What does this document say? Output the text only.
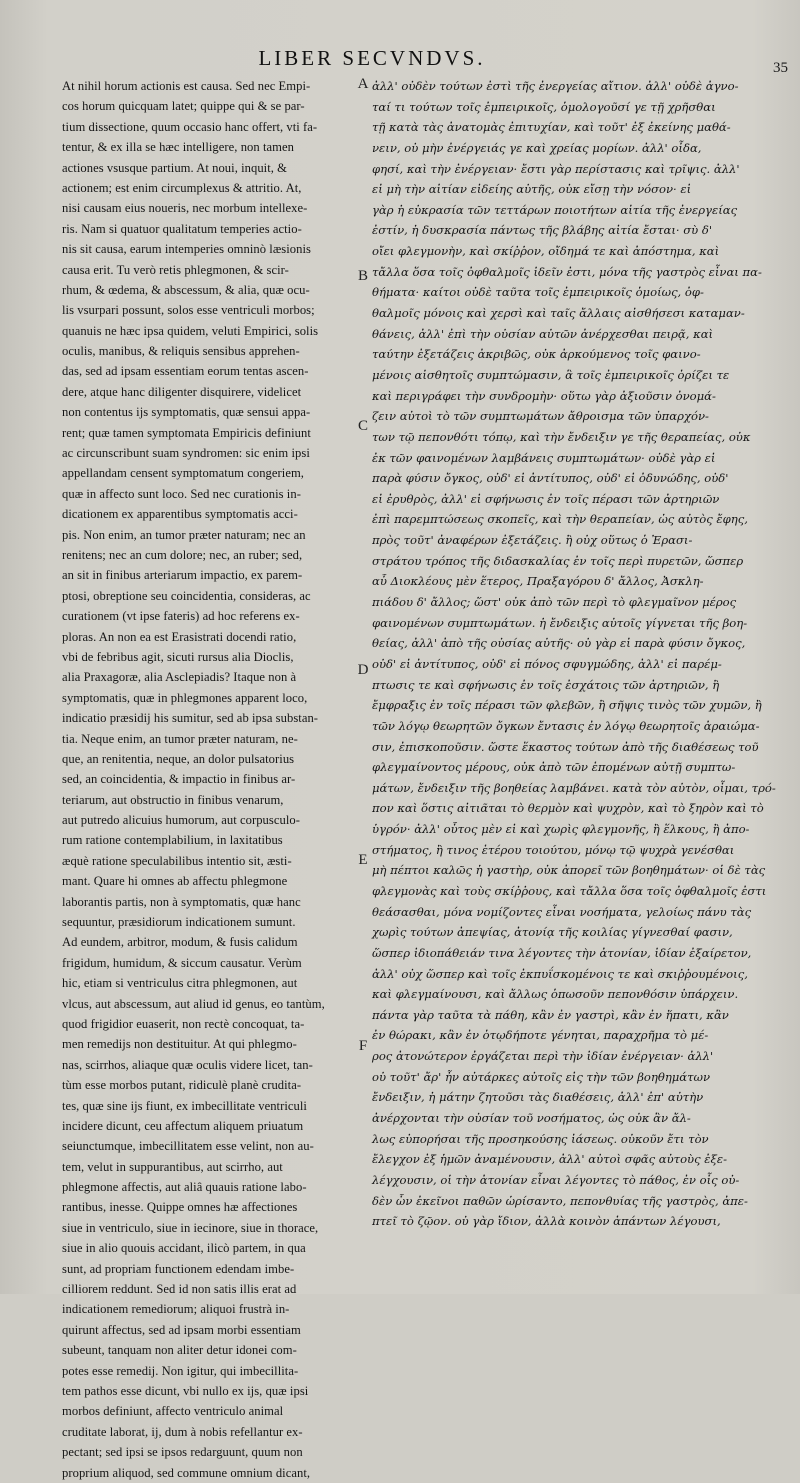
LIBER SECVNDVS.	35
At nihil horum actionis est causa. Sed nec Empi-
cos horum quicquam latet; quippe qui & se par-
tium dissectione, quum occasio hanc offert, vti fa-
tentur, & ex illa se hæc intelligere, non tamen
actiones vsusque partium. At noui, inquit, &
actionem; est enim circumplexus & attritio. At,
nisi causam eius noueris, nec morbum intellexe-
ris. Nam si quatuor qualitatum temperies actio-
nis sit causa, earum intemperies omninò læsionis
causa erit. Tu verò retis phlegmonen, & scir-
rhum, & œdema, & abscessum, & alia, quæ ocu-
lis vsurpari possunt, solos esse ventriculi morbos;
quanuis ne hæc ipsa quidem, veluti Empirici, solis
oculis, manibus, & reliquis sensibus apprehen-
das, sed ad ipsam essentiam eorum tentas ascen-
dere, atque hanc diligenter disquirere, videlicet
non contentus ijs symptomatis, quæ sensui appa-
rent; quæ tamen symptomata Empiricis definiunt
ac circunscribunt suam syndromen: sic enim ipsi
appellandam censent symptomatum congeriem,
quæ in affecto sunt loco. Sed nec curationis in-
dicationem ex apparentibus symptomatis acci-
pis. Non enim, an tumor præter naturam; nec an
renitens; nec an cum dolore; nec, an ruber; sed,
an sit in finibus arteriarum impactio, ex parem-
ptosi, obreptione seu coincidentia, consideras, ac
curationem (vt ipse fateris) ad hoc referens ex-
ploras. An non ea est Erasistrati docendi ratio,
vbi de febribus agit, sicuti rursus alia Dioclis,
alia Praxagoræ, alia Asclepiadis? Itaque non à
symptomatis, quæ in phlegmones apparent loco,
indicatio præsidij his sumitur, sed ab ipsa substan-
tia. Neque enim, an tumor præter naturam, ne-
que, an renitentia, neque, an dolor pulsatorius
sed, an coincidentia, & impactio in finibus ar-
teriarum, aut obstructio in finibus venarum,
aut putredo alicuius humorum, aut corpusculo-
rum ratione contemplabilium, in laxitatibus
æquè ratione speculabilibus intentio sit, æsti-
mant. Quare hi omnes ab affectu phlegmone
laborantis partis, non à symptomatis, quæ hanc
sequuntur, præsidiorum indicationem sumunt.
Ad eundem, arbitror, modum, & fusis calidum
frigidum, humidum, & siccum causatur. Verùm
hic, etiam si ventriculus citra phlegmonen, aut
vlcus, aut abscessum, aut aliud id genus, eo tantùm,
quod frigidior euaserit, non rectè concoquat, ta-
men remedijs non destituitur. At qui phlegmo-
nas, scirrhos, aliaque quæ oculis videre licet, tan-
tùm esse morbos putant, ridiculè planè crudita-
tes, quæ sine ijs fiunt, ex imbecillitate ventriculi
incidere dicunt, ceu affectum aliquem priuatum
seiunctumque, imbecillitatem esse velint, non au-
tem, velut in suppurantibus, aut scirrho, aut
phlegmone affectis, aut aliâ quauis ratione labo-
rantibus, inesse. Quippe omnes hæ affectiones
siue in ventriculo, siue in iecinore, siue in thorace,
siue in alio quouis accidant, ilicò partem, in qua
sunt, ad propriam functionem edendam imbe-
cilliorem reddunt. Sed id non satis illis erat ad
indicationem remediorum; aliquoi frustrà in-
quirunt affectus, sed ad ipsam morbi essentiam
subeunt, tanquam non aliter detur idonei com-
potes esse remedij. Non igitur, qui imbecillita-
tem pathos esse dicunt, vbi nullo ex ijs, quæ ipsi
morbos definiunt, affecto ventriculo animal
cruditate laborat, ij, dum à nobis refellantur ex-
pectant; sed ipsi se ipsos redarguunt, quum non
proprium aliquod, sed commune omnium dicant,
A
B
C
D
E
F
ἀλλ' οὐδὲν τούτων ἐστὶ τῆς ἐνεργείας αἴτιον. ἀλλ' οὐδὲ ἀγνο-
ταί τι τούτων τοῖς ἐμπειρικοῖς, ὁμολογοῦσί γε τῇ χρῆσθαι
τῇ κατὰ τὰς ἀνατομὰς ἐπιτυχίαν, καὶ τοῦτ' ἐξ ἐκείνης μαθά-
νειν, οὐ μὴν ἐνέργειάς γε καὶ χρείας μορίων. ἀλλ' οἶδα,
φησί, καὶ τὴν ἐνέργειαν· ἔστι γὰρ περίστασις καὶ τρῖψις. ἀλλ'
εἰ μὴ τὴν αἰτίαν εἰδείης αὐτῆς, οὐκ εἴσῃ τὴν νόσον· εἰ
γὰρ ἡ εὐκρασία τῶν τεττάρων ποιοτήτων αἰτία τῆς ἐνεργείας
ἐστίν, ἡ δυσκρασία πάντως τῆς βλάβης αἰτία ἔσται· σὺ δ'
οἴει φλεγμονὴν, καὶ σκίῤῥον, οἴδημά τε καὶ ἀπόστημα, καὶ
τἄλλα ὅσα τοῖς ὀφθαλμοῖς ἰδεῖν ἐστι, μόνα τῆς γαστρὸς εἶναι πα-
θήματα· καίτοι οὐδὲ ταῦτα τοῖς ἐμπειρικοῖς ὁμοίως, ὀφ-
θαλμοῖς μόνοις καὶ χερσὶ καὶ ταῖς ἄλλαις αἰσθήσεσι καταμαν-
θάνεις, ἀλλ' ἐπὶ τὴν οὐσίαν αὐτῶν ἀνέρχεσθαι πειρᾷ, καὶ
ταύτην ἐξετάζεις ἀκριβῶς, οὐκ ἀρκούμενος τοῖς φαινο-
μένοις αἰσθητοῖς συμπτώμασιν, ἃ τοῖς ἐμπειρικοῖς ὁρίζει τε
καὶ περιγράφει τὴν συνδρομὴν· οὕτω γὰρ ἀξιοῦσιν ὀνομά-
ζειν αὐτοὶ τὸ τῶν συμπτωμάτων ἄθροισμα τῶν ὑπαρχόν-
των τῷ πεπονθότι τόπῳ, καὶ τὴν ἔνδειξιν γε τῆς θεραπείας, οὐκ
ἐκ τῶν φαινομένων λαμβάνεις συμπτωμάτων· οὐδὲ γὰρ εἰ
παρὰ φύσιν ὄγκος, οὐδ' εἰ ἀντίτυπος, οὐδ' εἰ ὀδυνώδης, οὐδ'
εἰ ἐρυθρὸς, ἀλλ' εἰ σφήνωσις ἐν τοῖς πέρασι τῶν ἀρτηριῶν
ἐπὶ παρεμπτώσεως σκοπεῖς, καὶ τὴν θεραπείαν, ὡς αὐτὸς ἔφης,
πρὸς τοῦτ' ἀναφέρων ἐξετάζεις. ἢ οὐχ οὕτως ὁ Ἐρασι-
στράτου τρόπος τῆς διδασκαλίας ἐν τοῖς περὶ πυρετῶν, ὥσπερ
αὖ Διοκλέους μὲν ἕτερος, Πραξαγόρου δ' ἄλλος, Ἀσκλη-
πιάδου δ' ἄλλος; ὥστ' οὐκ ἀπὸ τῶν περὶ τὸ φλεγμαῖνον μέρος
φαινομένων συμπτωμάτων. ἡ ἔνδειξις αὐτοῖς γίγνεται τῆς βοη-
θείας, ἀλλ' ἀπὸ τῆς οὐσίας αὐτῆς· οὐ γὰρ εἰ παρὰ φύσιν ὄγκος,
οὐδ' εἰ ἀντίτυπος, οὐδ' εἰ πόνος σφυγμώδης, ἀλλ' εἰ παρέμ-
πτωσις τε καὶ σφήνωσις ἐν τοῖς ἐσχάτοις τῶν ἀρτηριῶν, ἢ
ἔμφραξις ἐν τοῖς πέρασι τῶν φλεβῶν, ἢ σῆψις τινὸς τῶν χυμῶν, ἢ
τῶν λόγῳ θεωρητῶν ὄγκων ἔντασις ἐν λόγῳ θεωρητοῖς ἀραιώμα-
σιν, ἐπισκοποῦσιν. ὥστε ἕκαστος τούτων ἀπὸ τῆς διαθέσεως τοῦ
φλεγμαίνοντος μέρους, οὐκ ἀπὸ τῶν ἑπομένων αὐτῇ συμπτω-
μάτων, ἔνδειξιν τῆς βοηθείας λαμβάνει. κατὰ τὸν αὐτὸν, οἶμαι, τρό-
πον καὶ ὅστις αἰτιᾶται τὸ θερμὸν καὶ ψυχρὸν, καὶ τὸ ξηρὸν καὶ τὸ
ὑγρόν· ἀλλ' οὗτος μὲν εἰ καὶ χωρὶς φλεγμονῆς, ἢ ἕλκους, ἢ ἀπο-
στήματος, ἢ τινος ἑτέρου τοιούτου, μόνῳ τῷ ψυχρὰ γενέσθαι
μὴ πέπτοι καλῶς ἡ γαστὴρ, οὐκ ἀπορεῖ τῶν βοηθημάτων· οἱ δὲ τὰς
φλεγμονὰς καὶ τοὺς σκίῤῥους, καὶ τἄλλα ὅσα τοῖς ὀφθαλμοῖς ἐστι
θεάσασθαι, μόνα νομίζοντες εἶναι νοσήματα, γελοίως πάνυ τὰς
χωρὶς τούτων ἀπεψίας, ἀτονίᾳ τῆς κοιλίας γίγνεσθαί φασιν,
ὥσπερ ἰδιοπάθειάν τινα λέγοντες τὴν ἀτονίαν, ἰδίαν ἐξαίρετον,
ἀλλ' οὐχ ὥσπερ καὶ τοῖς ἐκπυΐσκομένοις τε καὶ σκιῤῥουμένοις,
καὶ φλεγμαίνουσι, καὶ ἄλλως ὁπωσοῦν πεπονθόσιν ὑπάρχειν.
πάντα γὰρ ταῦτα τὰ πάθη, κἂν ἐν γαστρὶ, κἂν ἐν ἥπατι, κἂν
ἐν θώρακι, κἂν ἐν ὁτῳδήποτε γένηται, παραχρῆμα τὸ μέ-
ρος ἀτονώτερον ἐργάζεται περὶ τὴν ἰδίαν ἐνέργειαν· ἀλλ'
οὐ τοῦτ' ἄρ' ἦν αὐτάρκες αὐτοῖς εἰς τὴν τῶν βοηθημάτων
ἔνδειξιν, ἡ μάτην ζητοῦσι τὰς διαθέσεις, ἀλλ' ἐπ' αὐτὴν
ἀνέρχονται τὴν οὐσίαν τοῦ νοσήματος, ὡς οὐκ ἂν ἄλ-
λως εὐπορήσαι τῆς προσηκούσης ἰάσεως. οὐκοῦν ἔτι τὸν
ἔλεγχον ἐξ ἡμῶν ἀναμένουσιν, ἀλλ' αὐτοὶ σφᾶς αὐτοὺς ἐξε-
λέγχουσιν, οἱ τὴν ἀτονίαν εἶναι λέγοντες τὸ πάθος, ἐν οἷς οὐ-
δὲν ὧν ἐκεῖνοι παθῶν ὡρίσαντο, πεπονθυίας τῆς γαστρὸς, ἀπε-
πτεῖ τὸ ζῷον. οὐ γὰρ ἴδιον, ἀλλὰ κοινὸν ἁπάντων λέγουσι,
